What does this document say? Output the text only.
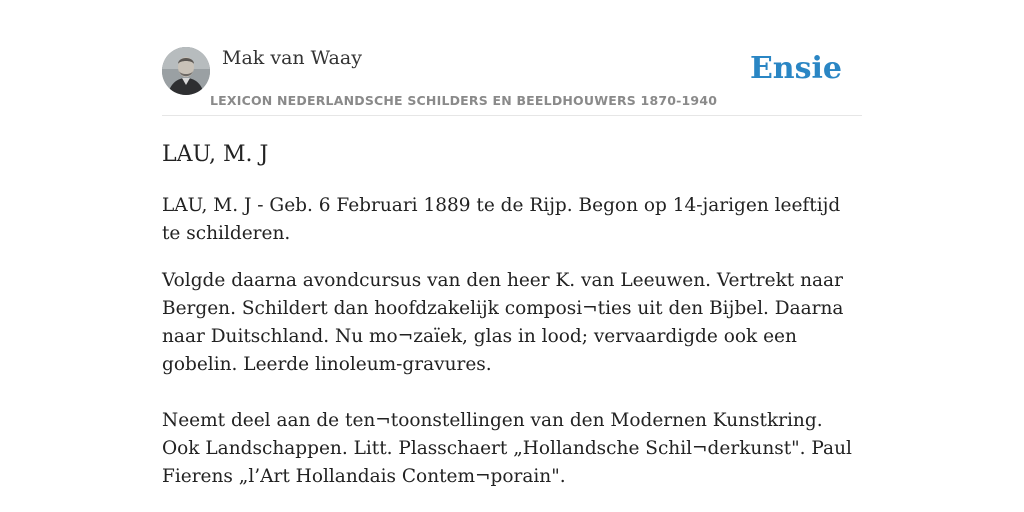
Mak van Waay
LEXICON NEDERLANDSCHE SCHILDERS EN BEELDHOUWERS 1870-1940
Ensie
LAU, M. J

LAU, M. J - Geb. 6 Februari 1889 te de Rijp. Begon op 14-jarigen leeftijd te schilderen.

Volgde daarna avondcursus van den heer K. van Leeuwen. Vertrekt naar Bergen. Schildert dan hoofdzakelijk composi¬ties uit den Bijbel. Daarna naar Duitschland. Nu mo¬zaïek, glas in lood; vervaardigde ook een gobelin. Leerde linoleum-gravures.

Neemt deel aan de ten¬toonstellingen van den Modernen Kunstkring. Ook Landschappen. Litt. Plasschaert „Hollandsche Schil¬derkunst". Paul Fierens „l’Art Hollandais Contem¬porain".
